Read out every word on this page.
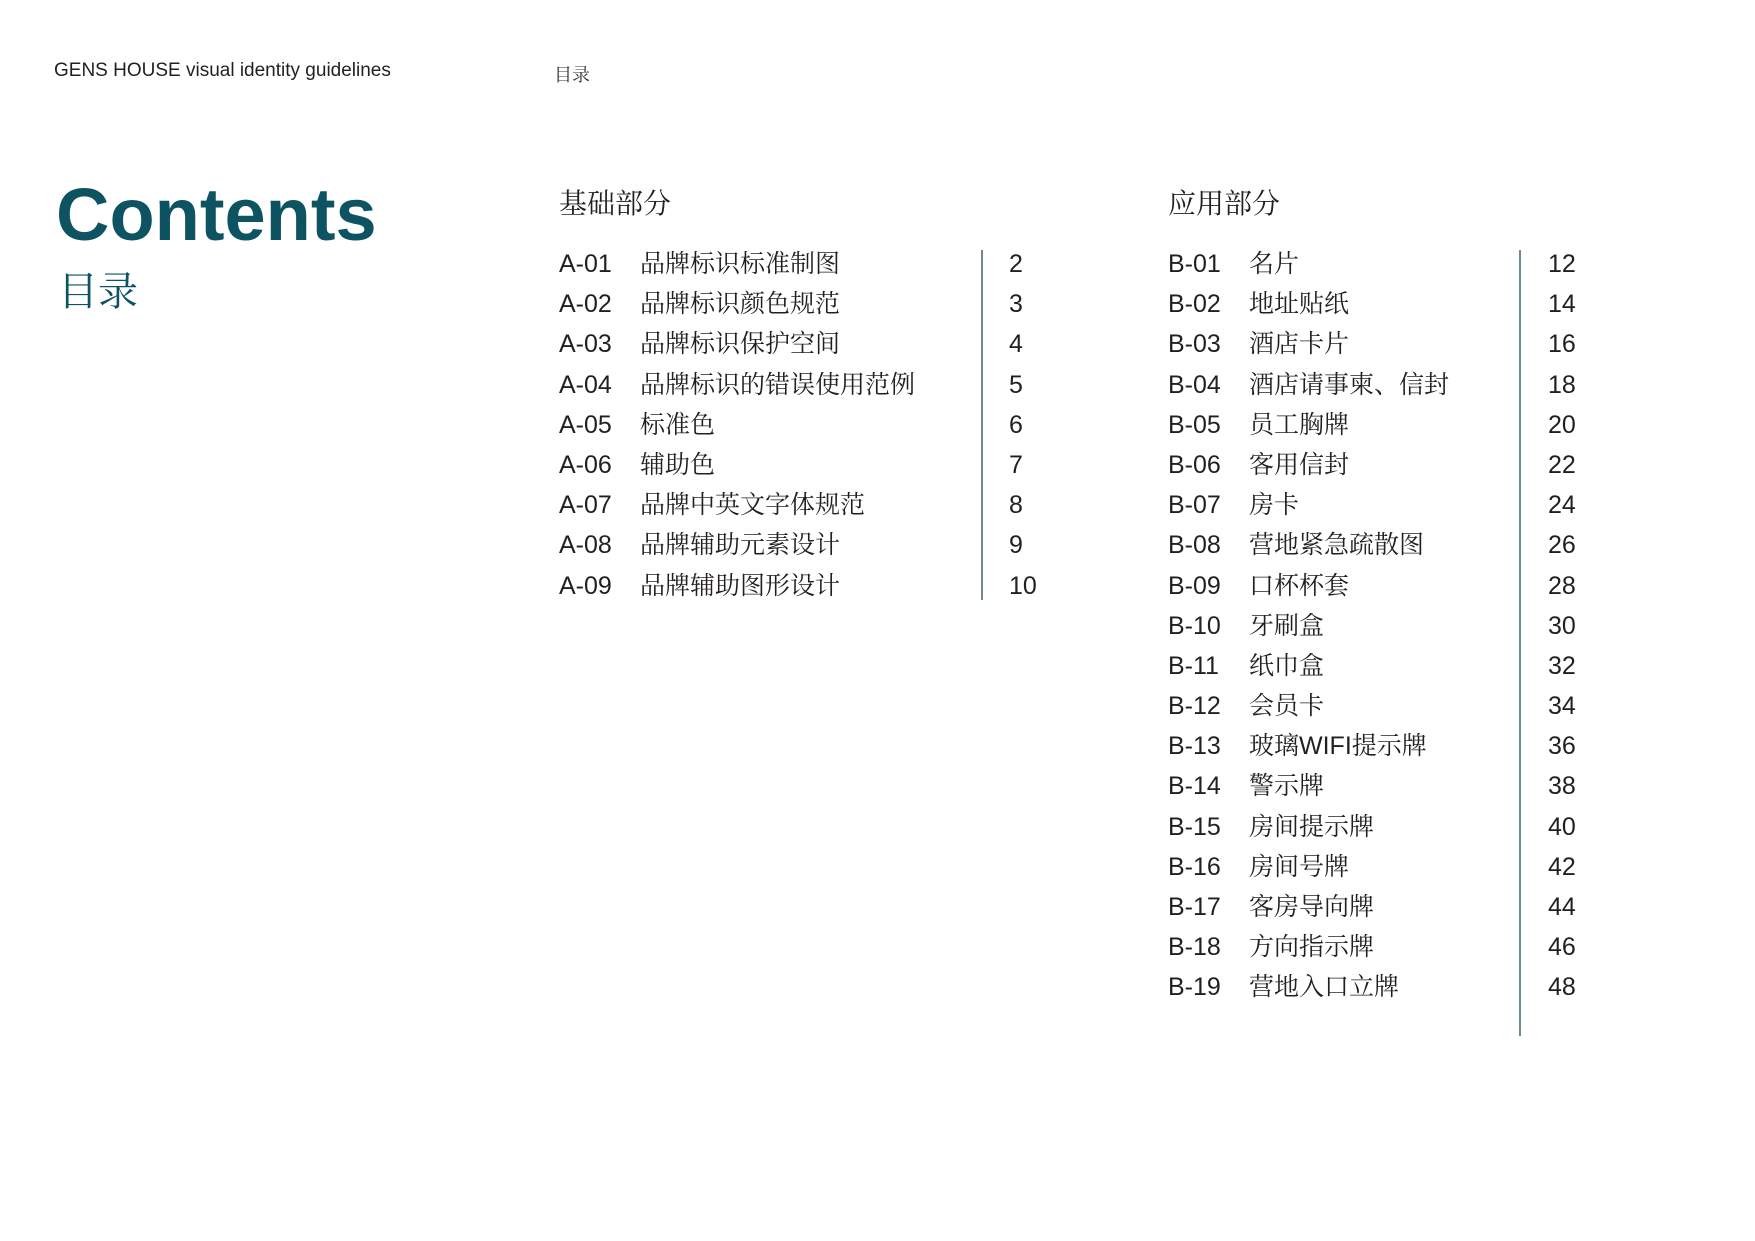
GENS HOUSE visual identity guidelines	目录
Contents
目录
基础部分
A-01 品牌标识标准制图	2
A-02 品牌标识颜色规范	3
A-03 品牌标识保护空间	4
A-04 品牌标识的错误使用范例	5
A-05 标准色	6
A-06 辅助色	7
A-07 品牌中英文字体规范	8
A-08 品牌辅助元素设计	9
A-09 品牌辅助图形设计	10
应用部分
B-01 名片	12
B-02 地址贴纸	14
B-03 酒店卡片	16
B-04 酒店请事柬、信封	18
B-05 员工胸牌	20
B-06 客用信封	22
B-07 房卡	24
B-08 营地紧急疏散图	26
B-09 口杯杯套	28
B-10 牙刷盒	30
B-11 纸巾盒	32
B-12 会员卡	34
B-13 玻璃WIFI提示牌	36
B-14 警示牌	38
B-15 房间提示牌	40
B-16 房间号牌	42
B-17 客房导向牌	44
B-18 方向指示牌	46
B-19 营地入口立牌	48
